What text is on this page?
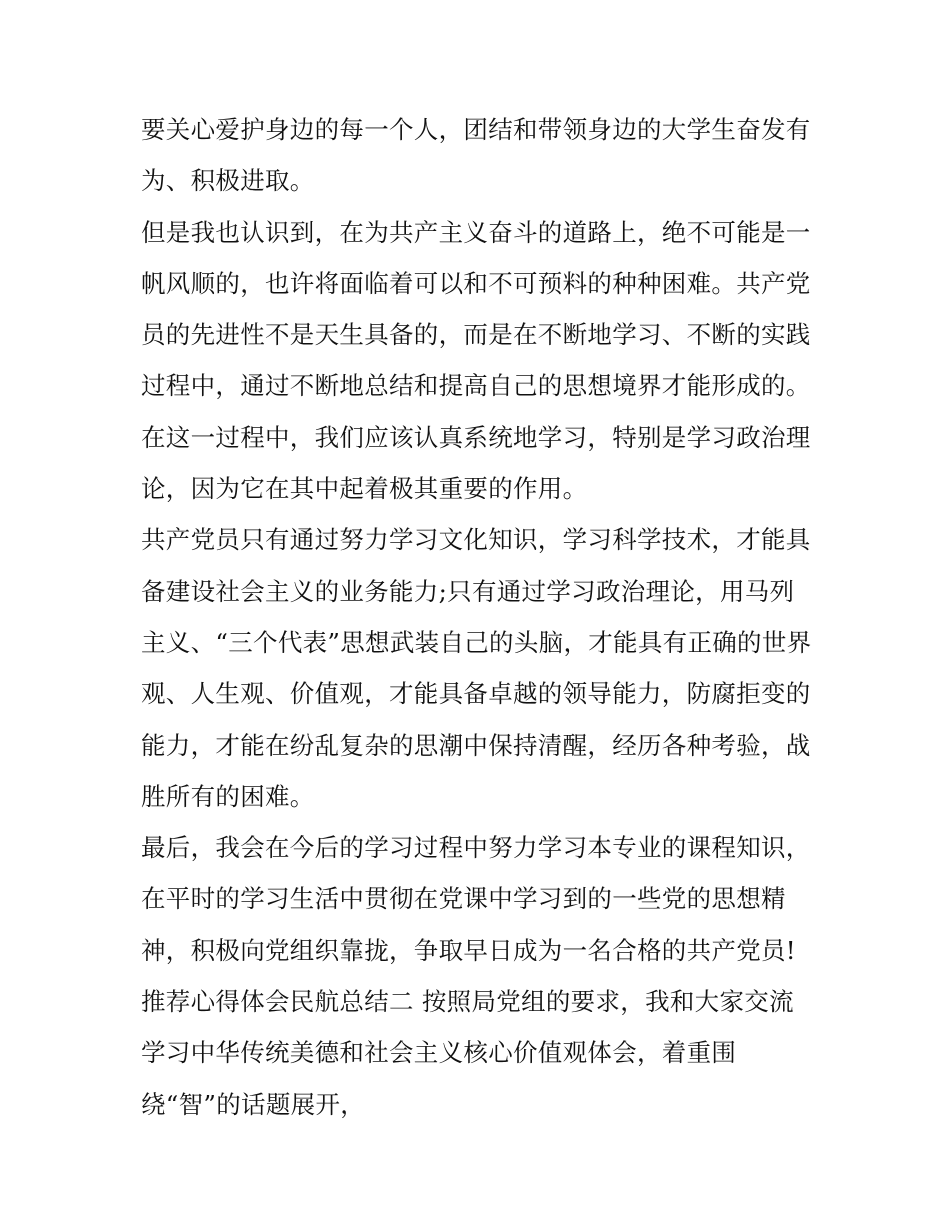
要关心爱护身边的每一个人，团结和带领身边的大学生奋发有
为、积极进取。
但是我也认识到，在为共产主义奋斗的道路上，绝不可能是一
帆风顺的，也许将面临着可以和不可预料的种种困难。共产党
员的先进性不是天生具备的，而是在不断地学习、不断的实践
过程中，通过不断地总结和提高自己的思想境界才能形成的。
在这一过程中，我们应该认真系统地学习，特别是学习政治理
论，因为它在其中起着极其重要的作用。
共产党员只有通过努力学习文化知识，学习科学技术，才能具
备建设社会主义的业务能力;只有通过学习政治理论，用马列
主义、“三个代表”思想武装自己的头脑，才能具有正确的世界
观、人生观、价值观，才能具备卓越的领导能力，防腐拒变的
能力，才能在纷乱复杂的思潮中保持清醒，经历各种考验，战
胜所有的困难。
最后，我会在今后的学习过程中努力学习本专业的课程知识，
在平时的学习生活中贯彻在党课中学习到的一些党的思想精
神，积极向党组织靠拢，争取早日成为一名合格的共产党员!
推荐心得体会民航总结二 按照局党组的要求，我和大家交流
学习中华传统美德和社会主义核心价值观体会，着重围
绕“智”的话题展开，
